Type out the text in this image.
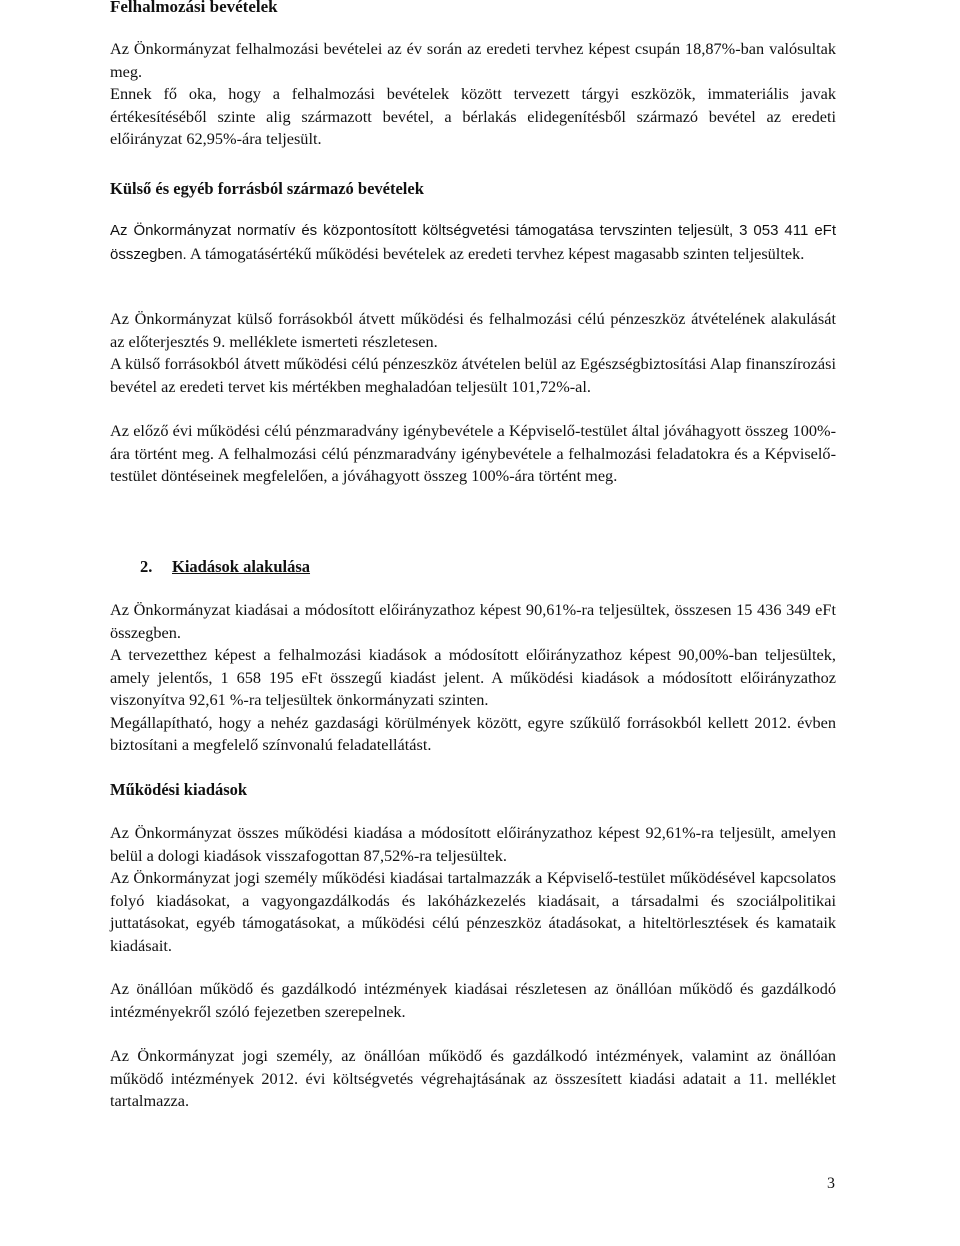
Felhalmozási bevételek

Az Önkormányzat felhalmozási bevételei az év során az eredeti tervhez képest csupán 18,87%-ban valósultak meg.

Ennek fő oka, hogy a felhalmozási bevételek között tervezett tárgyi eszközök, immateriális javak értékesítéséből szinte alig származott bevétel, a bérlakás elidegenítésből származó bevétel az eredeti előirányzat 62,95%-ára teljesült.

Külső és egyéb forrásból származó bevételek

Az Önkormányzat normatív és központosított költségvetési támogatása tervszinten teljesült, 3 053 411 eFt összegben. A támogatásértékű működési bevételek az eredeti tervhez képest magasabb szinten teljesültek.

Az Önkormányzat külső forrásokból átvett működési és felhalmozási célú pénzeszköz átvételének alakulását az előterjesztés 9. melléklete ismerteti részletesen.

A külső forrásokból átvett működési célú pénzeszköz átvételen belül az Egészségbiztosítási Alap finanszírozási bevétel az eredeti tervet kis mértékben meghaladóan teljesült 101,72%-al.

Az előző évi működési célú pénzmaradvány igénybevétele a Képviselő-testület által jóváhagyott összeg 100%-ára történt meg. A felhalmozási célú pénzmaradvány igénybevétele a felhalmozási feladatokra és a Képviselő-testület döntéseinek megfelelően, a jóváhagyott összeg 100%-ára történt meg.

2. Kiadások alakulása

Az Önkormányzat kiadásai a módosított előirányzathoz képest 90,61%-ra teljesültek, összesen 15 436 349 eFt összegben.

A tervezetthez képest a felhalmozási kiadások a módosított előirányzathoz képest 90,00%-ban teljesültek, amely jelentős, 1 658 195 eFt összegű kiadást jelent. A működési kiadások a módosított előirányzathoz viszonyítva 92,61 %-ra teljesültek önkormányzati szinten.

Megállapítható, hogy a nehéz gazdasági körülmények között, egyre szűkülő forrásokból kellett 2012. évben biztosítani a megfelelő színvonalú feladatellátást.

Működési kiadások

Az Önkormányzat összes működési kiadása a módosított előirányzathoz képest 92,61%-ra teljesült, amelyen belül a dologi kiadások visszafogottan 87,52%-ra teljesültek.

Az Önkormányzat jogi személy működési kiadásai tartalmazzák a Képviselő-testület működésével kapcsolatos folyó kiadásokat, a vagyongazdálkodás és lakóházkezelés kiadásait, a társadalmi és szociálpolitikai juttatásokat, egyéb támogatásokat, a működési célú pénzeszköz átadásokat, a hiteltörlesztések és kamataik kiadásait.

Az önállóan működő és gazdálkodó intézmények kiadásai részletesen az önállóan működő és gazdálkodó intézményekről szóló fejezetben szerepelnek.

Az Önkormányzat jogi személy, az önállóan működő és gazdálkodó intézmények, valamint az önállóan működő intézmények 2012. évi költségvetés végrehajtásának az összesített kiadási adatait a 11. melléklet tartalmazza.

3
